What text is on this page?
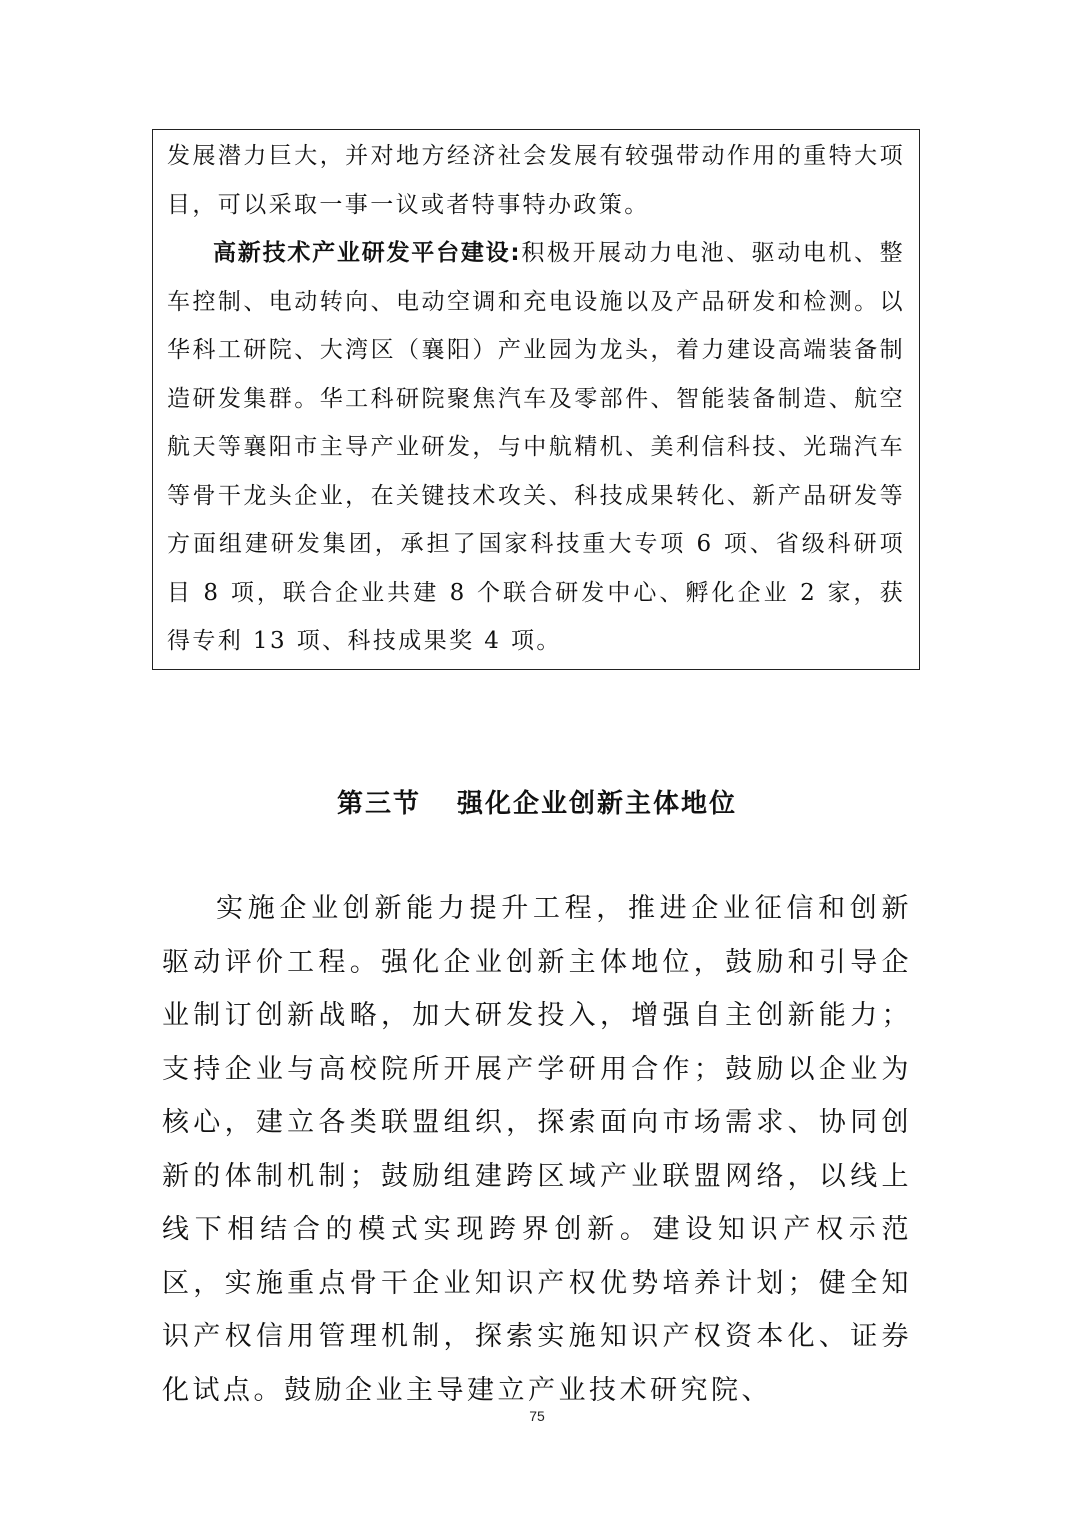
发展潜力巨大，并对地方经济社会发展有较强带动作用的重特大项目，可以采取一事一议或者特事特办政策。

高新技术产业研发平台建设:积极开展动力电池、驱动电机、整车控制、电动转向、电动空调和充电设施以及产品研发和检测。以华科工研院、大湾区（襄阳）产业园为龙头，着力建设高端装备制造研发集群。华工科研院聚焦汽车及零部件、智能装备制造、航空航天等襄阳市主导产业研发，与中航精机、美利信科技、光瑞汽车等骨干龙头企业，在关键技术攻关、科技成果转化、新产品研发等方面组建研发集团，承担了国家科技重大专项 6 项、省级科研项目 8 项，联合企业共建 8 个联合研发中心、孵化企业 2 家，获得专利 13 项、科技成果奖 4 项。

第三节 强化企业创新主体地位

实施企业创新能力提升工程，推进企业征信和创新驱动评价工程。强化企业创新主体地位，鼓励和引导企业制订创新战略，加大研发投入，增强自主创新能力；支持企业与高校院所开展产学研用合作；鼓励以企业为核心，建立各类联盟组织，探索面向市场需求、协同创新的体制机制；鼓励组建跨区域产业联盟网络，以线上线下相结合的模式实现跨界创新。建设知识产权示范区，实施重点骨干企业知识产权优势培养计划；健全知识产权信用管理机制，探索实施知识产权资本化、证券化试点。鼓励企业主导建立产业技术研究院、

75
